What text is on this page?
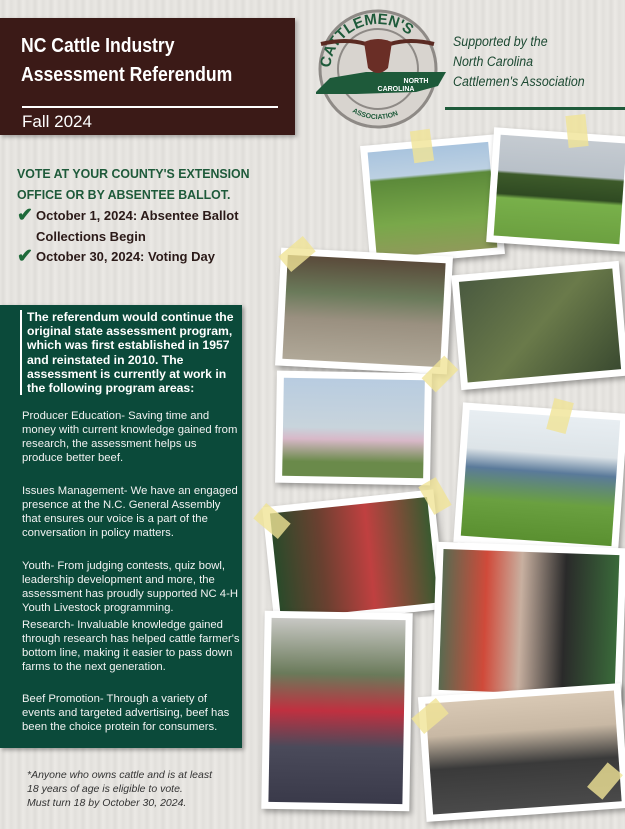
NC Cattle Industry
Assessment Referendum
Fall 2024
CATTLEMEN'S
NORTH
CAROLINA
ASSOCIATION
Supported by the
North Carolina
Cattlemen's Association
VOTE AT YOUR COUNTY'S EXTENSION
OFFICE OR BY ABSENTEE BALLOT.
✔ October 1, 2024: Absentee Ballot
Collections Begin
✔ October 30, 2024: Voting Day
The referendum would continue the original state assessment program, which was first established in 1957 and reinstated in 2010. The assessment is currently at work in the following program areas:
Producer Education- Saving time and money with current knowledge gained from research, the assessment helps us produce better beef.
Issues Management- We have an engaged presence at the N.C. General Assembly that ensures our voice is a part of the conversation in policy matters.
Youth- From judging contests, quiz bowl, leadership development and more, the assessment has proudly supported NC 4-H Youth Livestock programming.
Research- Invaluable knowledge gained through research has helped cattle farmer's bottom line, making it easier to pass down farms to the next generation.
Beef Promotion- Through a variety of events and targeted advertising, beef has been the choice protein for consumers.
*Anyone who owns cattle and is at least
18 years of age is eligible to vote.
Must turn 18 by October 30, 2024.
